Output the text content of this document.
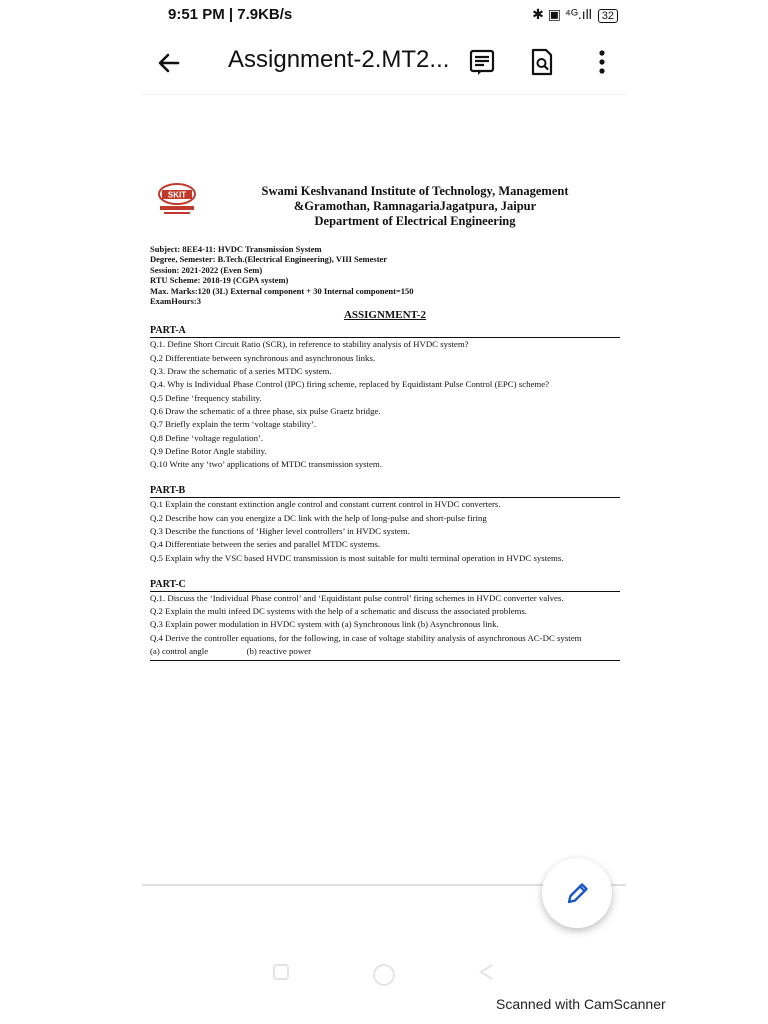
9:51 PM | 7.9KB/s	✱ ▣ ⁴ᴳ.ıll 32
Assignment-2.MT2...
SKIT	Swami Keshvanand Institute of Technology, Management
&Gramothan, RamnagariaJagatpura, Jaipur
Department of Electrical Engineering
Subject: 8EE4-11: HVDC Transmission System
Degree, Semester: B.Tech.(Electrical Engineering), VIII Semester
Session: 2021-2022 (Even Sem)
RTU Scheme: 2018-19 (CGPA system)
Max. Marks:120 (3L) External component + 30 Internal component=150
ExamHours:3
ASSIGNMENT-2
PART-A

Q.1. Define Short Circuit Ratio (SCR), in reference to stability analysis of HVDC system?

Q.2 Differentiate between synchronous and asynchronous links.

Q.3. Draw the schematic of a series MTDC system.

Q.4. Why is Individual Phase Control (IPC) firing scheme, replaced by Equidistant Pulse Control (EPC) scheme?

Q.5 Define ‘frequency stability.

Q.6 Draw the schematic of a three phase, six pulse Graetz bridge.

Q.7 Briefly explain the term ‘voltage stability’.

Q.8 Define ‘voltage regulation’.

Q.9 Define Rotor Angle stability.

Q.10 Write any ‘two’ applications of MTDC transmission system.

PART-B

Q.1 Explain the constant extinction angle control and constant current control in HVDC converters.

Q.2 Describe how can you energize a DC link with the help of long-pulse and short-pulse firing

Q.3 Describe the functions of ‘Higher level controllers’ in HVDC system.

Q.4 Differentiate between the series and parallel MTDC systems.

Q.5 Explain why the VSC based HVDC transmission is most suitable for multi terminal operation in HVDC systems.

PART-C

Q.1. Discuss the ‘Individual Phase control’ and ‘Equidistant pulse control’ firing schemes in HVDC converter valves.

Q.2 Explain the multi infeed DC systems with the help of a schematic and discuss the associated problems.

Q.3 Explain power modulation in HVDC system with (a) Synchronous link (b) Asynchronous link.

Q.4 Derive the controller equations, for the following, in case of voltage stability analysis of asynchronous AC-DC system

(a) control angle	(b) reactive power

Scanned with CamScanner
